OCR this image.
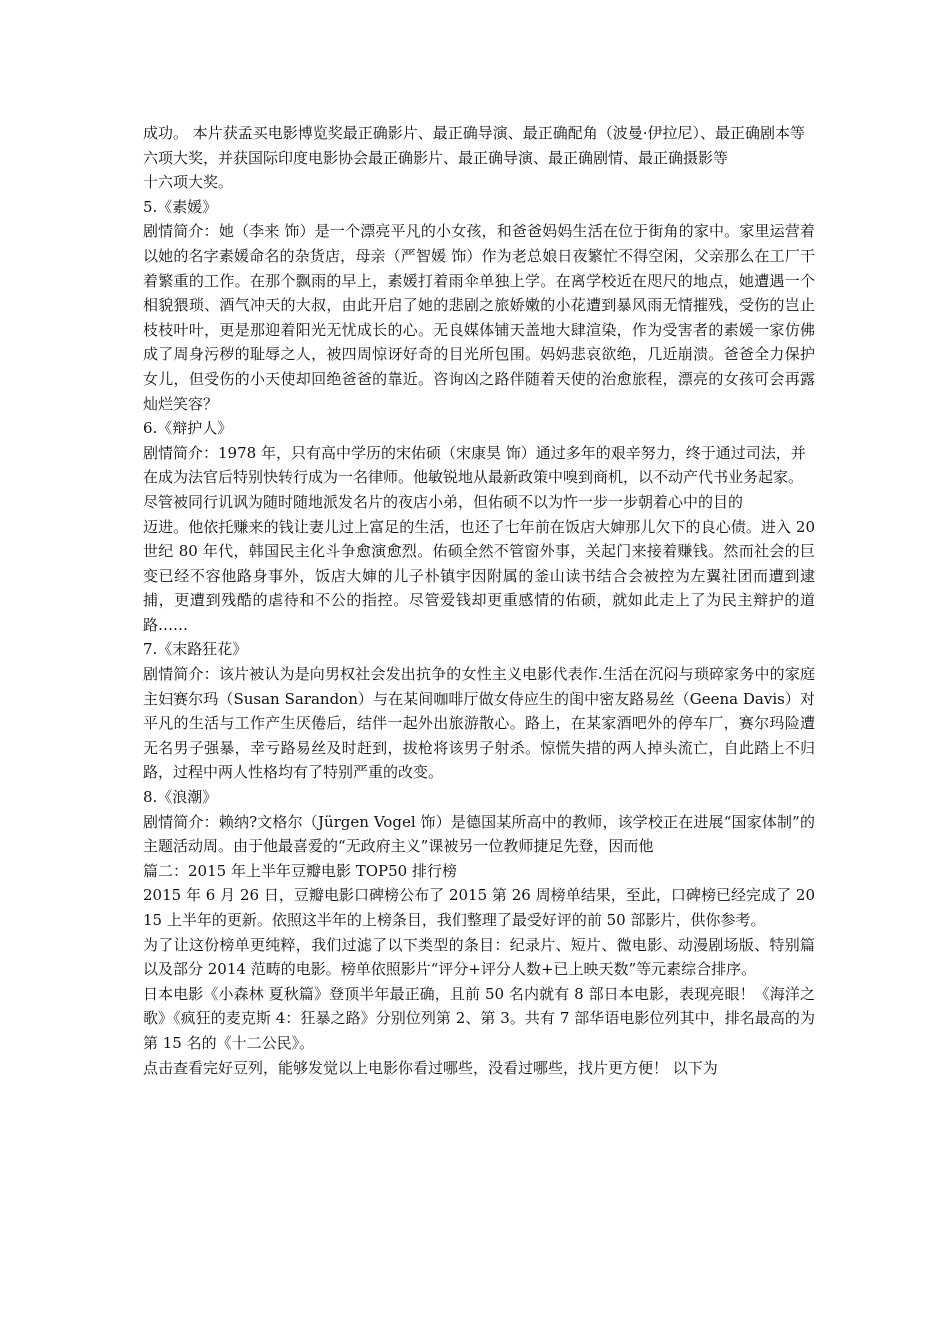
成功。 本片获孟买电影博览奖最正确影片、最正确导演、最正确配角（波曼·伊拉尼）、最正确剧本等六项大奖，并获国际印度电影协会最正确影片、最正确导演、最正确剧情、最正确摄影等

十六项大奖。

5.《素媛》

剧情简介：她（李来 饰）是一个漂亮平凡的小女孩，和爸爸妈妈生活在位于街角的家中。家里运营着以她的名字素媛命名的杂货店，母亲（严智媛 饰）作为老总娘日夜繁忙不得空闲，父亲那么在工厂干着繁重的工作。在那个飘雨的早上，素媛打着雨伞单独上学。在离学校近在咫尺的地点，她遭遇一个相貌猥琐、酒气冲天的大叔，由此开启了她的悲剧之旅娇嫩的小花遭到暴风雨无情摧残，受伤的岂止枝枝叶叶，更是那迎着阳光无忧成长的心。无良媒体铺天盖地大肆渲染，作为受害者的素媛一家仿佛成了周身污秽的耻辱之人，被四周惊讶好奇的目光所包围。妈妈悲哀欲绝，几近崩溃。爸爸全力保护女儿，但受伤的小天使却回绝爸爸的靠近。咨询凶之路伴随着天使的治愈旅程，漂亮的女孩可会再露灿烂笑容？

6.《辩护人》

剧情简介：1978 年，只有高中学历的宋佑硕（宋康昊 饰）通过多年的艰辛努力，终于通过司法，并在成为法官后特别快转行成为一名律师。他敏锐地从最新政策中嗅到商机，以不动产代书业务起家。尽管被同行讥讽为随时随地派发名片的夜店小弟，但佑硕不以为忤一步一步朝着心中的目的

迈进。他依托赚来的钱让妻儿过上富足的生活，也还了七年前在饭店大婶那儿欠下的良心债。进入 20 世纪 80 年代，韩国民主化斗争愈演愈烈。佑硕全然不管窗外事，关起门来接着赚钱。然而社会的巨变已经不容他路身事外，饭店大婶的儿子朴镇宇因附属的釜山读书结合会被控为左翼社团而遭到逮捕，更遭到残酷的虐待和不公的指控。尽管爱钱却更重感情的佑硕，就如此走上了为民主辩护的道路……

7.《末路狂花》

剧情简介：该片被认为是向男权社会发出抗争的女性主义电影代表作.生活在沉闷与琐碎家务中的家庭主妇赛尔玛（Susan Sarandon）与在某间咖啡厅做女侍应生的闺中密友路易丝（Geena Davis）对平凡的生活与工作产生厌倦后，结伴一起外出旅游散心。路上，在某家酒吧外的停车厂，赛尔玛险遭无名男子强暴，幸亏路易丝及时赶到，拔枪将该男子射杀。惊慌失措的两人掉头流亡，自此踏上不归路，过程中两人性格均有了特别严重的改变。

8.《浪潮》

剧情简介：赖纳?文格尔（Jürgen Vogel 饰）是德国某所高中的教师，该学校正在进展“国家体制”的主题活动周。由于他最喜爱的“无政府主义”课被另一位教师捷足先登，因而他

篇二：2015 年上半年豆瓣电影 TOP50 排行榜

2015 年 6 月 26 日，豆瓣电影口碑榜公布了 2015 第 26 周榜单结果，至此，口碑榜已经完成了 2015 上半年的更新。依照这半年的上榜条目，我们整理了最受好评的前 50 部影片，供你参考。

为了让这份榜单更纯粹，我们过滤了以下类型的条目：纪录片、短片、微电影、动漫剧场版、特别篇以及部分 2014 范畴的电影。榜单依照影片“评分+评分人数+已上映天数”等元素综合排序。

日本电影《小森林 夏秋篇》登顶半年最正确，且前 50 名内就有 8 部日本电影，表现亮眼！《海洋之歌》《疯狂的麦克斯 4：狂暴之路》分别位列第 2、第 3。共有 7 部华语电影位列其中，排名最高的为第 15 名的《十二公民》。

点击查看完好豆列，能够发觉以上电影你看过哪些，没看过哪些，找片更方便！ 以下为
